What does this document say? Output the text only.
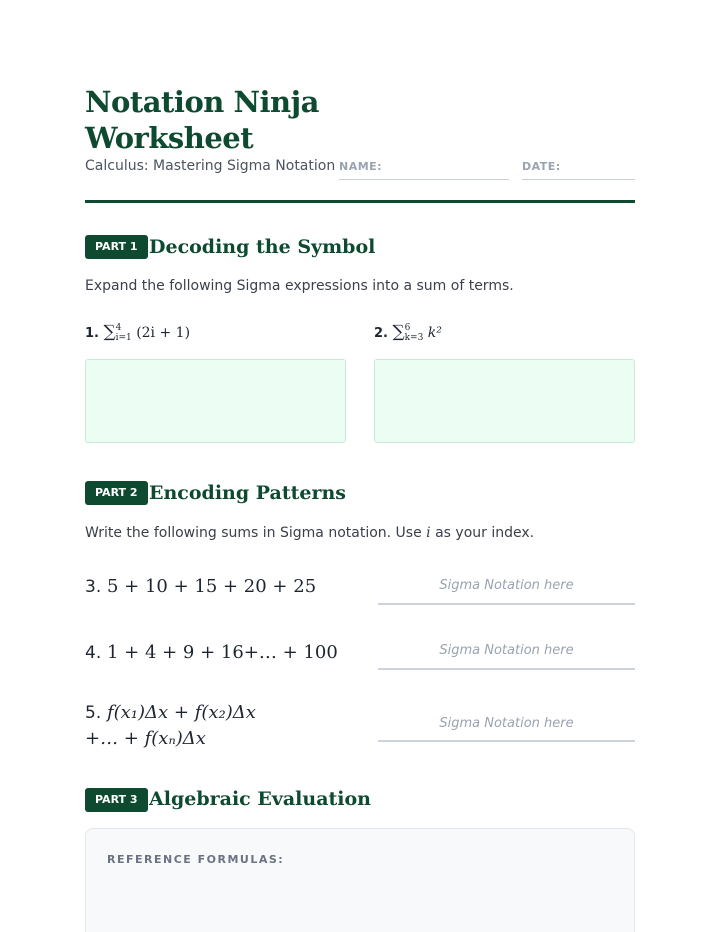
Notation Ninja Worksheet
Calculus: Mastering Sigma Notation NAME:	DATE:
PART 1 Decoding the Symbol
Expand the following Sigma expressions into a sum of terms.
1. ∑ 4
i=1 (2i + 1)	2. ∑ 6
k=3 k²
PART 2 Encoding Patterns
Write the following sums in Sigma notation. Use i as your index.
3. 5 + 10 + 15 + 20 + 25	Sigma Notation here
4. 1 + 4 + 9 + 16+… + 100	Sigma Notation here
5. f(x₁)Δx + f(x₂)Δx
+… + f(xₙ)Δx
Sigma Notation here
PART 3 Algebraic Evaluation
REFERENCE FORMULAS:
